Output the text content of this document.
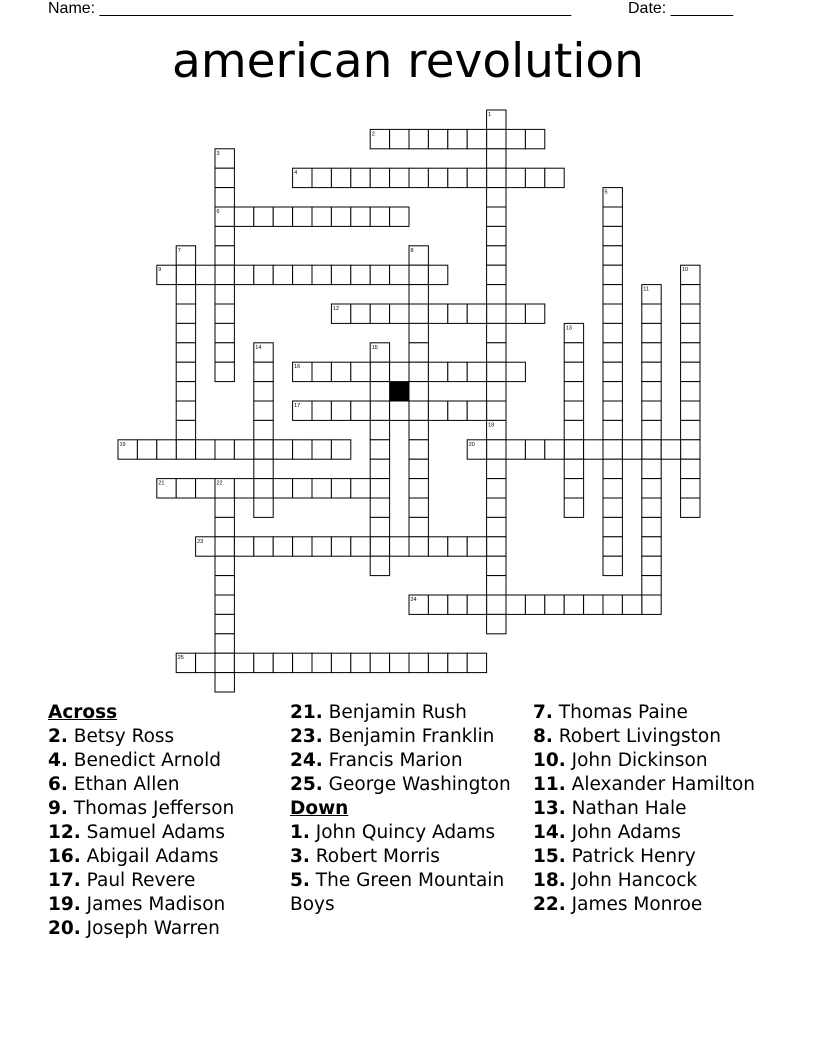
Name: _____________________________________________________	Date: _______
american revolution
1
2
3
4
5
6
7	8
9	10
11
12
13
14	15
16
17
18
19	20
21	22
23
24
25
Across
2. Betsy Ross
4. Benedict Arnold
6. Ethan Allen
9. Thomas Jefferson
12. Samuel Adams
16. Abigail Adams
17. Paul Revere
19. James Madison
20. Joseph Warren
21. Benjamin Rush
23. Benjamin Franklin
24. Francis Marion
25. George Washington
Down
1. John Quincy Adams
3. Robert Morris
5. The Green Mountain Boys
7. Thomas Paine
8. Robert Livingston
10. John Dickinson
11. Alexander Hamilton
13. Nathan Hale
14. John Adams
15. Patrick Henry
18. John Hancock
22. James Monroe
